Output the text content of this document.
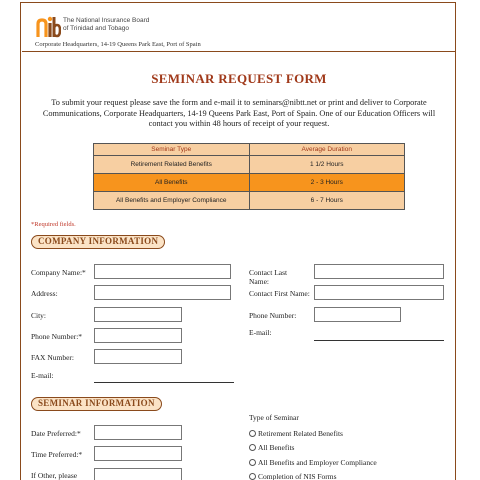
The National Insurance Board
of Trinidad and Tobago
Corporate Headquarters, 14-19 Queens Park East, Port of Spain
SEMINAR REQUEST FORM
To submit your request please save the form and e-mail it to seminars@nibtt.net or print and deliver to Corporate Communications, Corporate Headquarters, 14-19 Queens Park East, Port of Spain. One of our Education Officers will contact you within 48 hours of receipt of your request.
Seminar Type	Average Duration
Retirement Related Benefits	1 1/2 Hours
All Benefits	2 - 3 Hours
All Benefits and Employer Compliance	6 - 7 Hours
*Required fields.
COMPANY INFORMATION
Company Name:*
Address:
City:
Phone Number:*
FAX Number:
E-mail:
Contact Last
Name:
Contact First Name:
Phone Number:
E-mail:
SEMINAR INFORMATION
Date Preferred:*
Time Preferred:*
If Other, please
Type of Seminar
Retirement Related Benefits
All Benefits
All Benefits and Employer Compliance
Completion of NIS Forms
